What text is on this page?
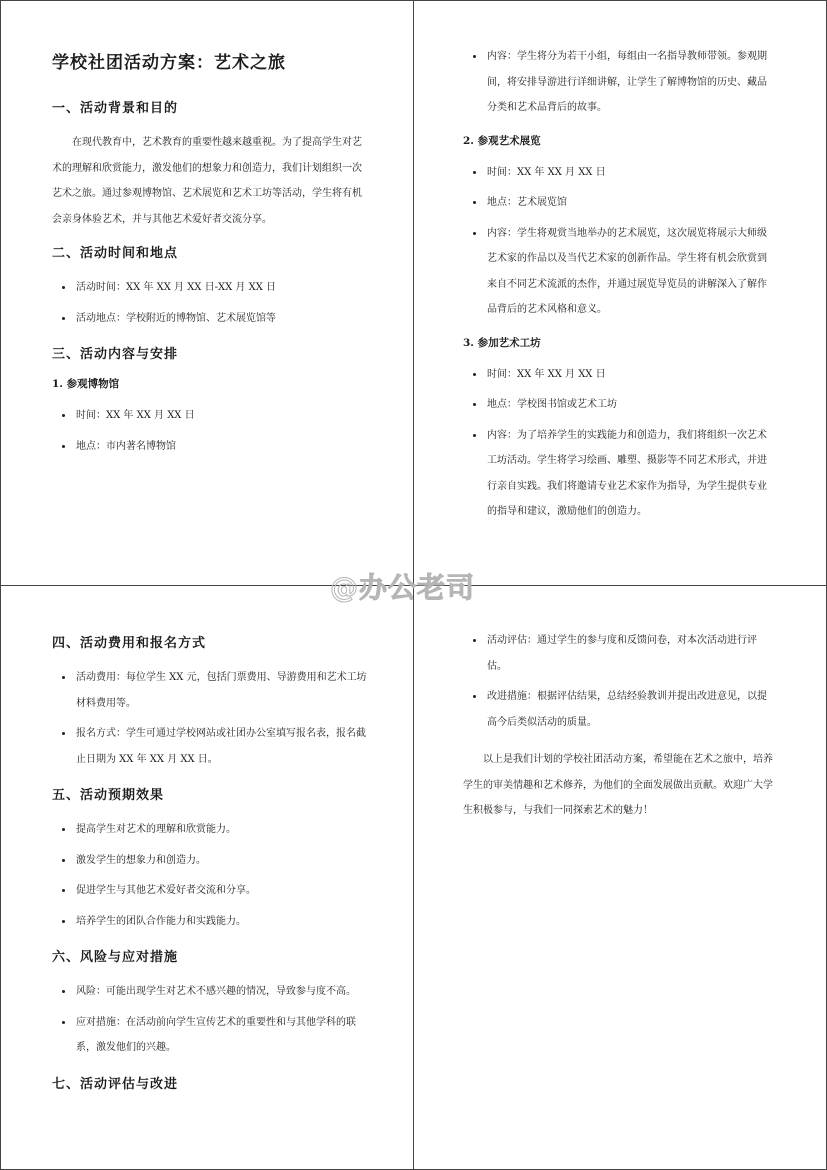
学校社团活动方案：艺术之旅
一、活动背景和目的

在现代教育中，艺术教育的重要性越来越重视。为了提高学生对艺术的理解和欣赏能力，激发他们的想象力和创造力，我们计划组织一次艺术之旅。通过参观博物馆、艺术展览和艺术工坊等活动，学生将有机会亲身体验艺术，并与其他艺术爱好者交流分享。

二、活动时间和地点
活动时间：XX 年 XX 月 XX 日-XX 月 XX 日
活动地点：学校附近的博物馆、艺术展览馆等
三、活动内容与安排
1. 参观博物馆
时间：XX 年 XX 月 XX 日
地点：市内著名博物馆
内容：学生将分为若干小组，每组由一名指导教师带领。参观期间，将安排导游进行详细讲解，让学生了解博物馆的历史、藏品分类和艺术品背后的故事。
2. 参观艺术展览
时间：XX 年 XX 月 XX 日
地点：艺术展览馆
内容：学生将观赏当地举办的艺术展览，这次展览将展示大师级艺术家的作品以及当代艺术家的创新作品。学生将有机会欣赏到来自不同艺术流派的杰作，并通过展览导览员的讲解深入了解作品背后的艺术风格和意义。
3. 参加艺术工坊
时间：XX 年 XX 月 XX 日
地点：学校图书馆或艺术工坊
内容：为了培养学生的实践能力和创造力，我们将组织一次艺术工坊活动。学生将学习绘画、雕塑、摄影等不同艺术形式，并进行亲自实践。我们将邀请专业艺术家作为指导，为学生提供专业的指导和建议，激励他们的创造力。
四、活动费用和报名方式
活动费用：每位学生 XX 元，包括门票费用、导游费用和艺术工坊材料费用等。
报名方式：学生可通过学校网站或社团办公室填写报名表，报名截止日期为 XX 年 XX 月 XX 日。
五、活动预期效果
提高学生对艺术的理解和欣赏能力。
激发学生的想象力和创造力。
促进学生与其他艺术爱好者交流和分享。
培养学生的团队合作能力和实践能力。
六、风险与应对措施
风险：可能出现学生对艺术不感兴趣的情况，导致参与度不高。
应对措施：在活动前向学生宣传艺术的重要性和与其他学科的联系，激发他们的兴趣。
七、活动评估与改进
活动评估：通过学生的参与度和反馈问卷，对本次活动进行评估。
改进措施：根据评估结果，总结经验教训并提出改进意见，以提高今后类似活动的质量。

以上是我们计划的学校社团活动方案，希望能在艺术之旅中，培养学生的审美情趣和艺术修养，为他们的全面发展做出贡献。欢迎广大学生积极参与，与我们一同探索艺术的魅力！

@办公老司
